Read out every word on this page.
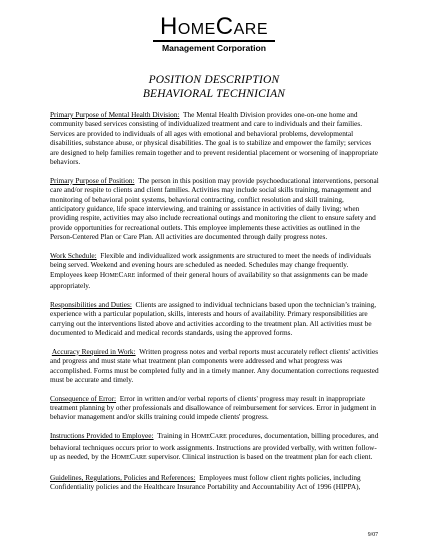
HOMECARE
Management Corporation
POSITION DESCRIPTION
BEHAVIORAL TECHNICIAN

Primary Purpose of Mental Health Division: The Mental Health Division provides one-on-one home and community based services consisting of individualized treatment and care to individuals and their families. Services are provided to individuals of all ages with emotional and behavioral problems, developmental disabilities, substance abuse, or physical disabilities. The goal is to stabilize and empower the family; services are designed to help families remain together and to prevent residential placement or worsening of inappropriate behaviors.

Primary Purpose of Position: The person in this position may provide psychoeducational interventions, personal care and/or respite to clients and client families. Activities may include social skills training, management and monitoring of behavioral point systems, behavioral contracting, conflict resolution and skill training, anticipatory guidance, life space interviewing, and training or assistance in activities of daily living; when providing respite, activities may also include recreational outings and monitoring the client to ensure safety and provide opportunities for recreational outlets. This employee implements these activities as outlined in the Person-Centered Plan or Care Plan. All activities are documented through daily progress notes.

Work Schedule: Flexible and individualized work assignments are structured to meet the needs of individuals being served. Weekend and evening hours are scheduled as needed. Schedules may change frequently. Employees keep HOMECARE informed of their general hours of availability so that assignments can be made appropriately.

Responsibilities and Duties: Clients are assigned to individual technicians based upon the technician’s training, experience with a particular population, skills, interests and hours of availability. Primary responsibilities are carrying out the interventions listed above and activities according to the treatment plan. All activities must be documented to Medicaid and medical records standards, using the approved forms.

Accuracy Required in Work: Written progress notes and verbal reports must accurately reflect clients' activities and progress and must state what treatment plan components were addressed and what progress was accomplished. Forms must be completed fully and in a timely manner. Any documentation corrections requested must be accurate and timely.

Consequence of Error: Error in written and/or verbal reports of clients' progress may result in inappropriate treatment planning by other professionals and disallowance of reimbursement for services. Error in judgment in behavior management and/or skills training could impede clients' progress.

Instructions Provided to Employee: Training in HOMECARE procedures, documentation, billing procedures, and behavioral techniques occurs prior to work assignments. Instructions are provided verbally, with written follow-up as needed, by the HOMECARE supervisor. Clinical instruction is based on the treatment plan for each client.

Guidelines, Regulations, Policies and References: Employees must follow client rights policies, including Confidentiality policies and the Healthcare Insurance Portability and Accountability Act of 1996 (HIPPA),

9/07
